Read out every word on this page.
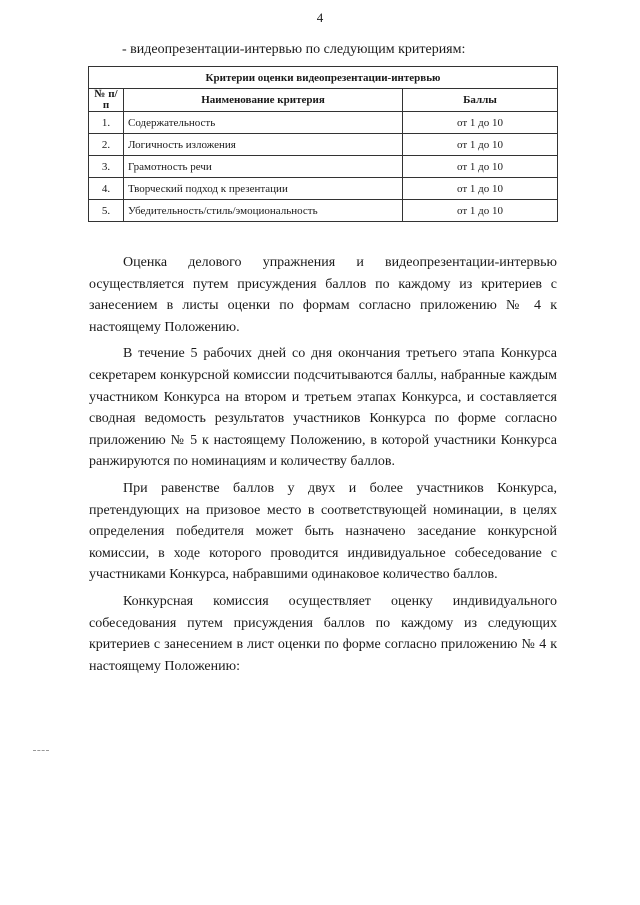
4
- видеопрезентации-интервью по следующим критериям:
Критерии оценки видеопрезентации-интервью		
№ п/п	Наименование критерия	Баллы
1.	Содержательность	от 1 до 10
2.	Логичность изложения	от 1 до 10
3.	Грамотность речи	от 1 до 10
4.	Творческий подход к презентации	от 1 до 10
5.	Убедительность/стиль/эмоциональность	от 1 до 10

Оценка делового упражнения и видеопрезентации-интервью осуществляется путем присуждения баллов по каждому из критериев с занесением в листы оценки по формам согласно приложению № 4 к настоящему Положению.

В течение 5 рабочих дней со дня окончания третьего этапа Конкурса секретарем конкурсной комиссии подсчитываются баллы, набранные каждым участником Конкурса на втором и третьем этапах Конкурса, и составляется сводная ведомость результатов участников Конкурса по форме согласно приложению № 5 к настоящему Положению, в которой участники Конкурса ранжируются по номинациям и количеству баллов.

При равенстве баллов у двух и более участников Конкурса, претендующих на призовое место в соответствующей номинации, в целях определения победителя может быть назначено заседание конкурсной комиссии, в ходе которого проводится индивидуальное собеседование с участниками Конкурса, набравшими одинаковое количество баллов.

Конкурсная комиссия осуществляет оценку индивидуального собеседования путем присуждения баллов по каждому из следующих критериев с занесением в лист оценки по форме согласно приложению № 4 к настоящему Положению:
